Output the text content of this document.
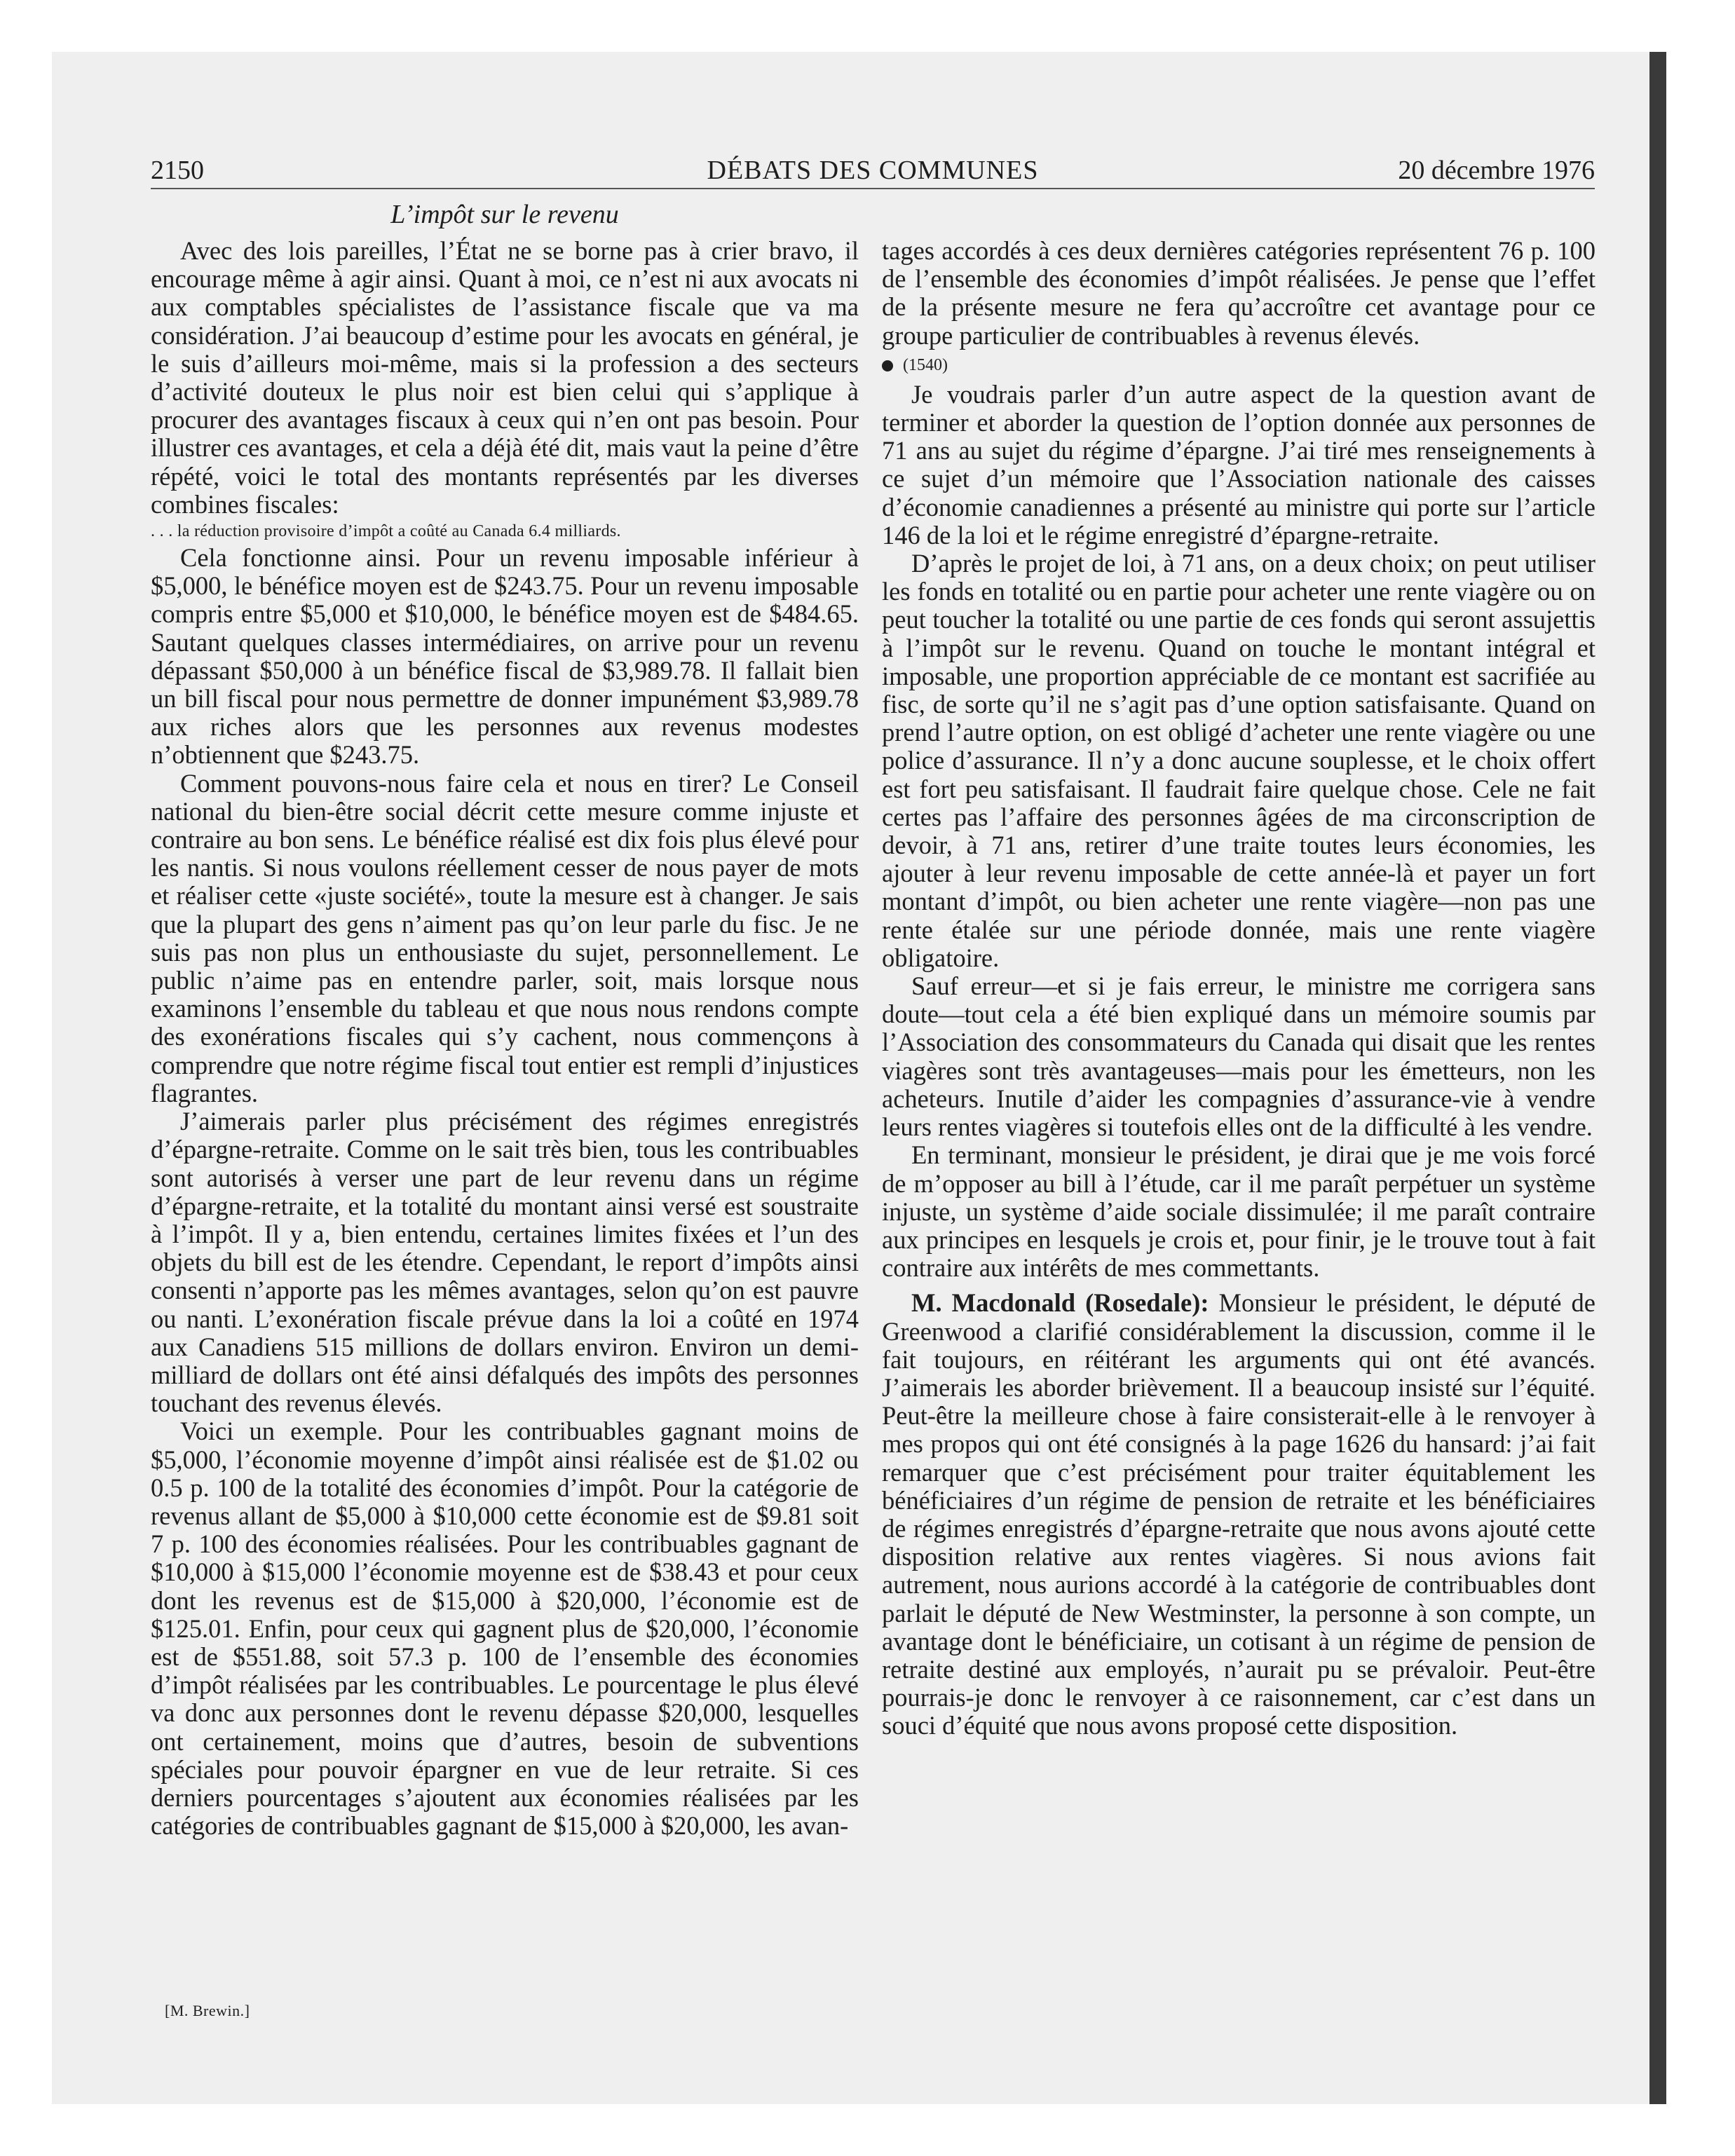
2150	DÉBATS DES COMMUNES	20 décembre 1976
L’impôt sur le revenu

Avec des lois pareilles, l’État ne se borne pas à crier bravo, il encourage même à agir ainsi. Quant à moi, ce n’est ni aux avocats ni aux comptables spécialistes de l’assistance fiscale que va ma considération. J’ai beaucoup d’estime pour les avocats en général, je le suis d’ailleurs moi-même, mais si la profession a des secteurs d’activité douteux le plus noir est bien celui qui s’applique à procurer des avantages fiscaux à ceux qui n’en ont pas besoin. Pour illustrer ces avantages, et cela a déjà été dit, mais vaut la peine d’être répété, voici le total des montants représentés par les diverses combines fiscales:

. . . la réduction provisoire d’impôt a coûté au Canada 6.4 milliards.

Cela fonctionne ainsi. Pour un revenu imposable inférieur à $5,000, le bénéfice moyen est de $243.75. Pour un revenu imposable compris entre $5,000 et $10,000, le bénéfice moyen est de $484.65. Sautant quelques classes intermédiaires, on arrive pour un revenu dépassant $50,000 à un bénéfice fiscal de $3,989.78. Il fallait bien un bill fiscal pour nous permettre de donner impunément $3,989.78 aux riches alors que les personnes aux revenus modestes n’obtiennent que $243.75.

Comment pouvons-nous faire cela et nous en tirer? Le Conseil national du bien-être social décrit cette mesure comme injuste et contraire au bon sens. Le bénéfice réalisé est dix fois plus élevé pour les nantis. Si nous voulons réellement cesser de nous payer de mots et réaliser cette «juste société», toute la mesure est à changer. Je sais que la plupart des gens n’aiment pas qu’on leur parle du fisc. Je ne suis pas non plus un enthousiaste du sujet, personnellement. Le public n’aime pas en entendre parler, soit, mais lorsque nous examinons l’ensemble du tableau et que nous nous rendons compte des exonérations fiscales qui s’y cachent, nous commençons à comprendre que notre régime fiscal tout entier est rempli d’injustices flagrantes.

J’aimerais parler plus précisément des régimes enregistrés d’épargne-retraite. Comme on le sait très bien, tous les contribuables sont autorisés à verser une part de leur revenu dans un régime d’épargne-retraite, et la totalité du montant ainsi versé est soustraite à l’impôt. Il y a, bien entendu, certaines limites fixées et l’un des objets du bill est de les étendre. Cependant, le report d’impôts ainsi consenti n’apporte pas les mêmes avantages, selon qu’on est pauvre ou nanti. L’exonération fiscale prévue dans la loi a coûté en 1974 aux Canadiens 515 millions de dollars environ. Environ un demi-milliard de dollars ont été ainsi défalqués des impôts des personnes touchant des revenus élevés.

Voici un exemple. Pour les contribuables gagnant moins de $5,000, l’économie moyenne d’impôt ainsi réalisée est de $1.02 ou 0.5 p. 100 de la totalité des économies d’impôt. Pour la catégorie de revenus allant de $5,000 à $10,000 cette économie est de $9.81 soit 7 p. 100 des économies réalisées. Pour les contribuables gagnant de $10,000 à $15,000 l’économie moyenne est de $38.43 et pour ceux dont les revenus est de $15,000 à $20,000, l’économie est de $125.01. Enfin, pour ceux qui gagnent plus de $20,000, l’économie est de $551.88, soit 57.3 p. 100 de l’ensemble des économies d’impôt réalisées par les contribuables. Le pourcentage le plus élevé va donc aux personnes dont le revenu dépasse $20,000, lesquelles ont certainement, moins que d’autres, besoin de subventions spéciales pour pouvoir épargner en vue de leur retraite. Si ces derniers pourcentages s’ajoutent aux économies réalisées par les catégories de contribuables gagnant de $15,000 à $20,000, les avan-

tages accordés à ces deux dernières catégories représentent 76 p. 100 de l’ensemble des économies d’impôt réalisées. Je pense que l’effet de la présente mesure ne fera qu’accroître cet avantage pour ce groupe particulier de contribuables à revenus élevés.

(1540)

Je voudrais parler d’un autre aspect de la question avant de terminer et aborder la question de l’option donnée aux personnes de 71 ans au sujet du régime d’épargne. J’ai tiré mes renseignements à ce sujet d’un mémoire que l’Association nationale des caisses d’économie canadiennes a présenté au ministre qui porte sur l’article 146 de la loi et le régime enregistré d’épargne-retraite.

D’après le projet de loi, à 71 ans, on a deux choix; on peut utiliser les fonds en totalité ou en partie pour acheter une rente viagère ou on peut toucher la totalité ou une partie de ces fonds qui seront assujettis à l’impôt sur le revenu. Quand on touche le montant intégral et imposable, une proportion appréciable de ce montant est sacrifiée au fisc, de sorte qu’il ne s’agit pas d’une option satisfaisante. Quand on prend l’autre option, on est obligé d’acheter une rente viagère ou une police d’assurance. Il n’y a donc aucune souplesse, et le choix offert est fort peu satisfaisant. Il faudrait faire quelque chose. Cele ne fait certes pas l’affaire des personnes âgées de ma circonscription de devoir, à 71 ans, retirer d’une traite toutes leurs économies, les ajouter à leur revenu imposable de cette année-là et payer un fort montant d’impôt, ou bien acheter une rente viagère—non pas une rente étalée sur une période donnée, mais une rente viagère obligatoire.

Sauf erreur—et si je fais erreur, le ministre me corrigera sans doute—tout cela a été bien expliqué dans un mémoire soumis par l’Association des consommateurs du Canada qui disait que les rentes viagères sont très avantageuses—mais pour les émetteurs, non les acheteurs. Inutile d’aider les compagnies d’assurance-vie à vendre leurs rentes viagères si toutefois elles ont de la difficulté à les vendre.

En terminant, monsieur le président, je dirai que je me vois forcé de m’opposer au bill à l’étude, car il me paraît perpétuer un système injuste, un système d’aide sociale dissimulée; il me paraît contraire aux principes en lesquels je crois et, pour finir, je le trouve tout à fait contraire aux intérêts de mes commettants.

M. Macdonald (Rosedale): Monsieur le président, le député de Greenwood a clarifié considérablement la discussion, comme il le fait toujours, en réitérant les arguments qui ont été avancés. J’aimerais les aborder brièvement. Il a beaucoup insisté sur l’équité. Peut-être la meilleure chose à faire consisterait-elle à le renvoyer à mes propos qui ont été consignés à la page 1626 du hansard: j’ai fait remarquer que c’est précisément pour traiter équitablement les bénéficiaires d’un régime de pension de retraite et les bénéficiaires de régimes enregistrés d’épargne-retraite que nous avons ajouté cette disposition relative aux rentes viagères. Si nous avions fait autrement, nous aurions accordé à la catégorie de contribuables dont parlait le député de New Westminster, la personne à son compte, un avantage dont le bénéficiaire, un cotisant à un régime de pension de retraite destiné aux employés, n’aurait pu se prévaloir. Peut-être pourrais-je donc le renvoyer à ce raisonnement, car c’est dans un souci d’équité que nous avons proposé cette disposition.

[M. Brewin.]
